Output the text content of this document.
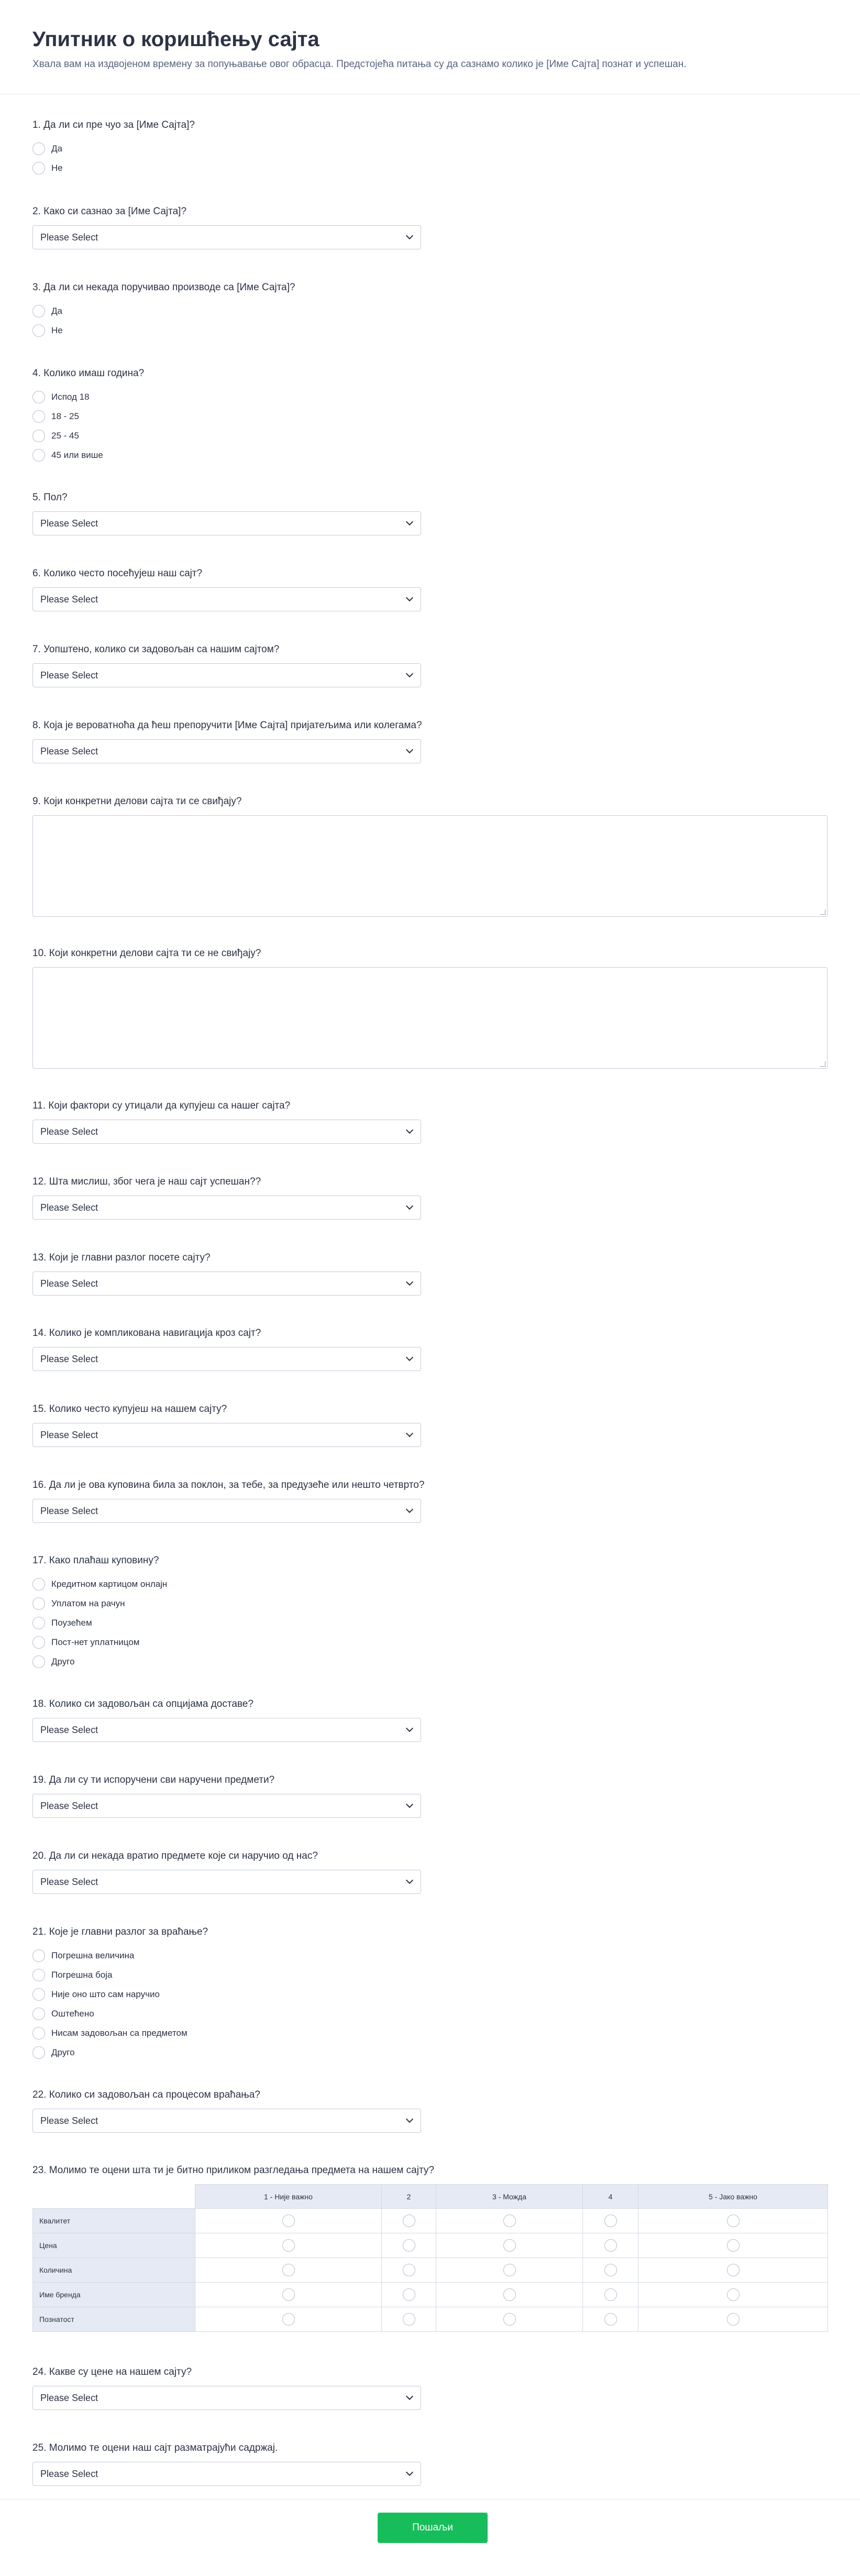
Упитник о коришћењу сајта

Хвала вам на издвојеном времену за попуњавање овог обрасца. Предстојећа питања су да сазнамо колико је [Име Сајта] познат и успешан.

1. Да ли си пре чуо за [Име Сајта]?
Да
Не
2. Како си сазнао за [Име Сајта]?
Please Select
3. Да ли си некада поручивао производе са [Име Сајта]?
Да
Не
4. Колико имаш година?
Испод 18
18 - 25
25 - 45
45 или више
5. Пол?
Please Select
6. Колико често посећујеш наш сајт?
Please Select
7. Уопштено, колико си задовољан са нашим сајтом?
Please Select
8. Која је вероватноћа да ћеш препоручити [Име Сајта] пријатељима или колегама?
Please Select
9. Који конкретни делови сајта ти се свиђају?
10. Који конкретни делови сајта ти се не свиђају?
11. Који фактори су утицали да купујеш са нашег сајта?
Please Select
12. Шта мислиш, због чега је наш сајт успешан??
Please Select
13. Који је главни разлог посете сајту?
Please Select
14. Колико је компликована навигација кроз сајт?
Please Select
15. Колико често купујеш на нашем сајту?
Please Select
16. Да ли је ова куповина била за поклон, за тебе, за предузеће или нешто четврто?
Please Select
17. Како плаћаш куповину?
Кредитном картицом онлајн
Уплатом на рачун
Поузећем
Пост-нет уплатницом
Друго
18. Колико си задовољан са опцијама доставе?
Please Select
19. Да ли су ти испоручени сви наручени предмети?
Please Select
20. Да ли си некада вратио предмете које си наручио од нас?
Please Select
21. Које је главни разлог за враћање?
Погрешна величина
Погрешна боја
Није оно што сам наручио
Оштећено
Нисам задовољан са предметом
Друго
22. Колико си задовољан са процесом враћања?
Please Select
23. Молимо те оцени шта ти је битно приликом разгледања предмета на нашем сајту?
	1 - Није важно	2	3 - Можда	4	5 - Јако важно
Квалитет					
Цена					
Количина					
Име бренда					
Познатост					
24. Какве су цене на нашем сајту?
Please Select
25. Молимо те оцени наш сајт разматрајући садржај.
Please Select
Пошаљи
